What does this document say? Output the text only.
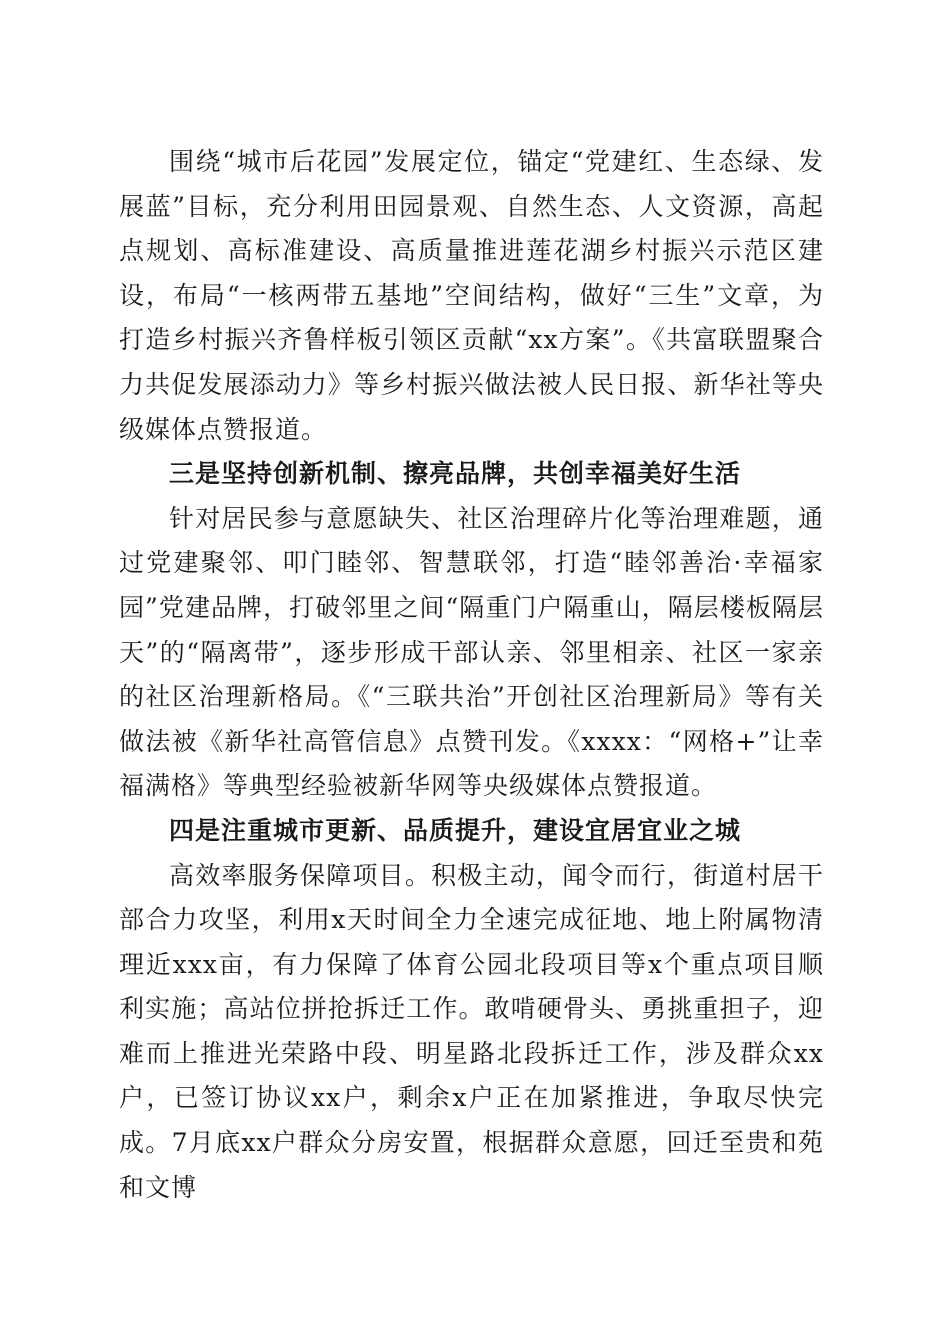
围绕“城市后花园”发展定位，锚定“党建红、生态绿、发展蓝”目标，充分利用田园景观、自然生态、人文资源，高起点规划、高标准建设、高质量推进莲花湖乡村振兴示范区建设，布局“一核两带五基地”空间结构，做好“三生”文章，为打造乡村振兴齐鲁样板引领区贡献“xx方案”。《共富联盟聚合力共促发展添动力》等乡村振兴做法被人民日报、新华社等央级媒体点赞报道。

三是坚持创新机制、擦亮品牌，共创幸福美好生活

针对居民参与意愿缺失、社区治理碎片化等治理难题，通过党建聚邻、叩门睦邻、智慧联邻，打造“睦邻善治·幸福家园”党建品牌，打破邻里之间“隔重门户隔重山，隔层楼板隔层天”的“隔离带”，逐步形成干部认亲、邻里相亲、社区一家亲的社区治理新格局。《“三联共治”开创社区治理新局》等有关做法被《新华社高管信息》点赞刊发。《xxxx：“网格+”让幸福满格》等典型经验被新华网等央级媒体点赞报道。

四是注重城市更新、品质提升，建设宜居宜业之城

高效率服务保障项目。积极主动，闻令而行，街道村居干部合力攻坚，利用x天时间全力全速完成征地、地上附属物清理近xxx亩，有力保障了体育公园北段项目等x个重点项目顺利实施；高站位拼抢拆迁工作。敢啃硬骨头、勇挑重担子，迎难而上推进光荣路中段、明星路北段拆迁工作，涉及群众xx户，已签订协议xx户，剩余x户正在加紧推进，争取尽快完成。7月底xx户群众分房安置，根据群众意愿，回迁至贵和苑和文博
